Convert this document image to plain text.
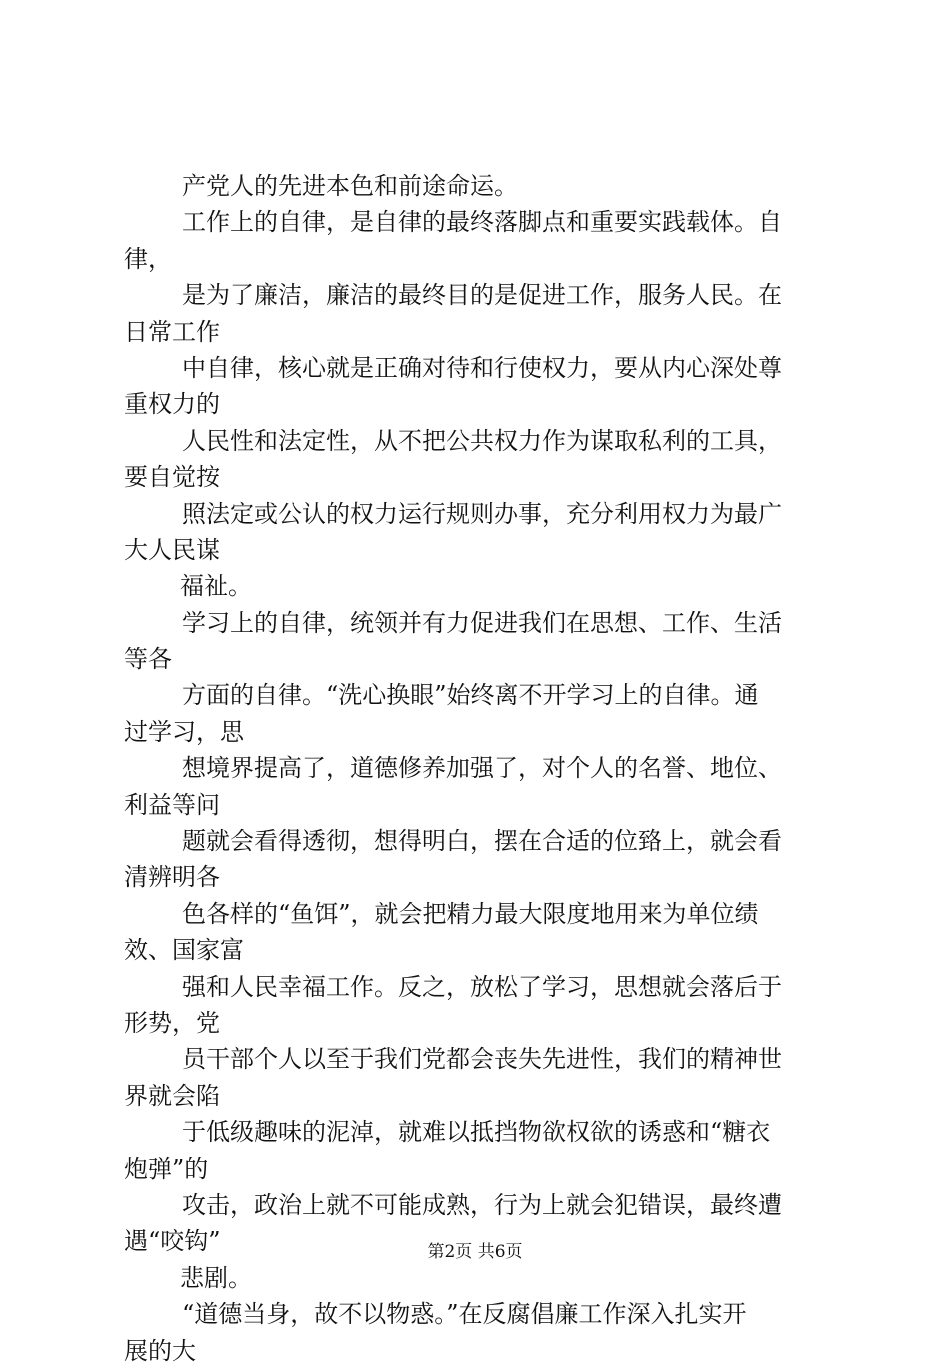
产党人的先进本色和前途命运。
工作上的自律，是自律的最终落脚点和重要实践载体。自
律，
是为了廉洁，廉洁的最终目的是促进工作，服务人民。在
日常工作
中自律，核心就是正确对待和行使权力，要从内心深处尊
重权力的
人民性和法定性，从不把公共权力作为谋取私利的工具，
要自觉按
照法定或公认的权力运行规则办事，充分利用权力为最广
大人民谋
福祉。
学习上的自律，统领并有力促进我们在思想、工作、生活
等各
方面的自律。“洗心换眼”始终离不开学习上的自律。通
过学习，思
想境界提高了，道德修养加强了，对个人的名誉、地位、
利益等问
题就会看得透彻，想得明白，摆在合适的位臵上，就会看
清辨明各
色各样的“鱼饵”，就会把精力最大限度地用来为单位绩
效、国家富
强和人民幸福工作。反之，放松了学习，思想就会落后于
形势，党
员干部个人以至于我们党都会丧失先进性，我们的精神世
界就会陷
于低级趣味的泥淖，就难以抵挡物欲权欲的诱惑和“糖衣
炮弹”的
攻击，政治上就不可能成熟，行为上就会犯错误，最终遭
遇“咬钩”
悲剧。
“道德当身，故不以物惑。”在反腐倡廉工作深入扎实开
展的大
第2页 共6页
